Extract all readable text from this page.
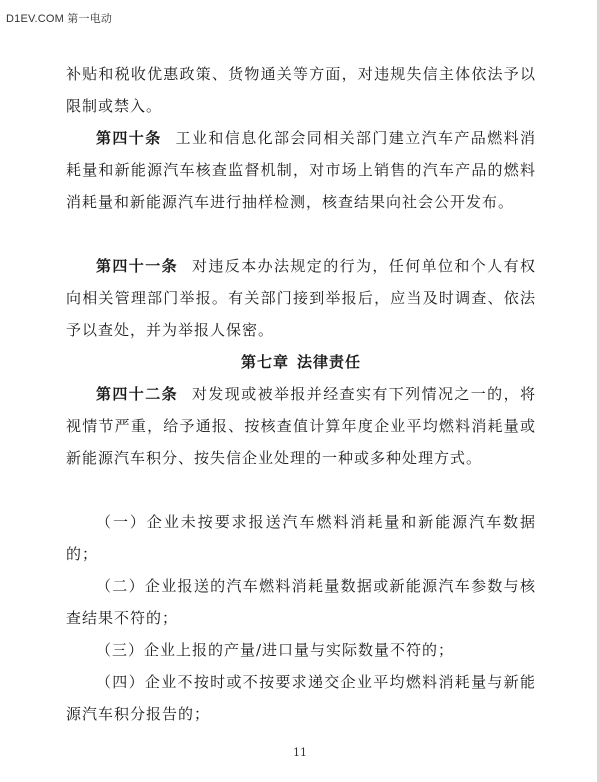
D1EV.COM 第一电动

补贴和税收优惠政策、货物通关等方面，对违规失信主体依法予以限制或禁入。

第四十条 工业和信息化部会同相关部门建立汽车产品燃料消耗量和新能源汽车核查监督机制，对市场上销售的汽车产品的燃料消耗量和新能源汽车进行抽样检测，核查结果向社会公开发布。

第四十一条 对违反本办法规定的行为，任何单位和个人有权向相关管理部门举报。有关部门接到举报后，应当及时调查、依法予以查处，并为举报人保密。

第七章 法律责任

第四十二条 对发现或被举报并经查实有下列情况之一的，将视情节严重，给予通报、按核查值计算年度企业平均燃料消耗量或新能源汽车积分、按失信企业处理的一种或多种处理方式。

（一）企业未按要求报送汽车燃料消耗量和新能源汽车数据的；

（二）企业报送的汽车燃料消耗量数据或新能源汽车参数与核查结果不符的；

（三）企业上报的产量/进口量与实际数量不符的；

（四）企业不按时或不按要求递交企业平均燃料消耗量与新能源汽车积分报告的；

11
